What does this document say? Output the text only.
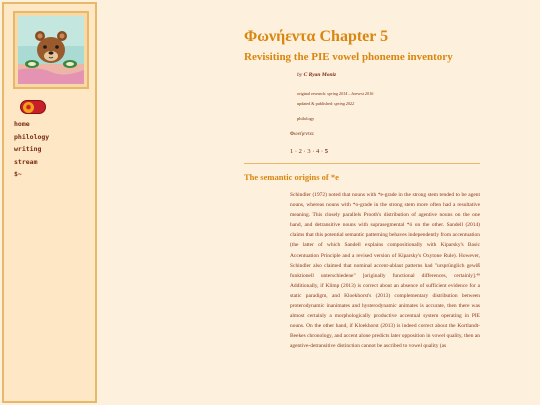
✹
home
philology
writing
stream
$~
Φωνήεντα Chapter 5
Revisiting the PIE vowel phoneme inventory
by C Ryan Moniz
original research: spring 2014 – harvest 2016
updated & published: spring 2022
philology
Φωνήεντα:
1 · 2 · 3 · 4 · 5
The semantic origins of *e

Schindler (1972) noted that nouns with *e-grade in the strong stem tended to be agent nouns, whereas nouns with *o-grade in the strong stem more often had a resultative meaning. This closely parallels Prooth's distribution of agentive nouns on the one hand, and detransitive nouns with suprasegmental *ó on the other. Sandell (2014) claims that this potential semantic patterning behaves independently from accentuation (the latter of which Sandell explains compositionally with Kiparsky's Basic Accentuation Principle and a revised version of Kiparsky's Oxytone Rule). However, Schindler also claimed that nominal accent-ablaut patterns had "ursprünglich gewiß funktionell unterschiedene" [originally functional differences, certainly].⁴⁸ Additionally, if Klimp (2013) is correct about an absence of sufficient evidence for a static paradigm, and Kloekhorst's (2013) complementary distribution between proterodynamic inanimates and hysterodynamic animates is accurate, then there was almost certainly a morphologically productive accentual system operating in PIE nouns. On the other hand, if Kloekhorst (2013) is indeed correct about the Kortlandt-Beekes chronology, and accent alone predicts later opposition in vowel quality, then an agentive-detransitive distinction cannot be ascribed to vowel quality (as
